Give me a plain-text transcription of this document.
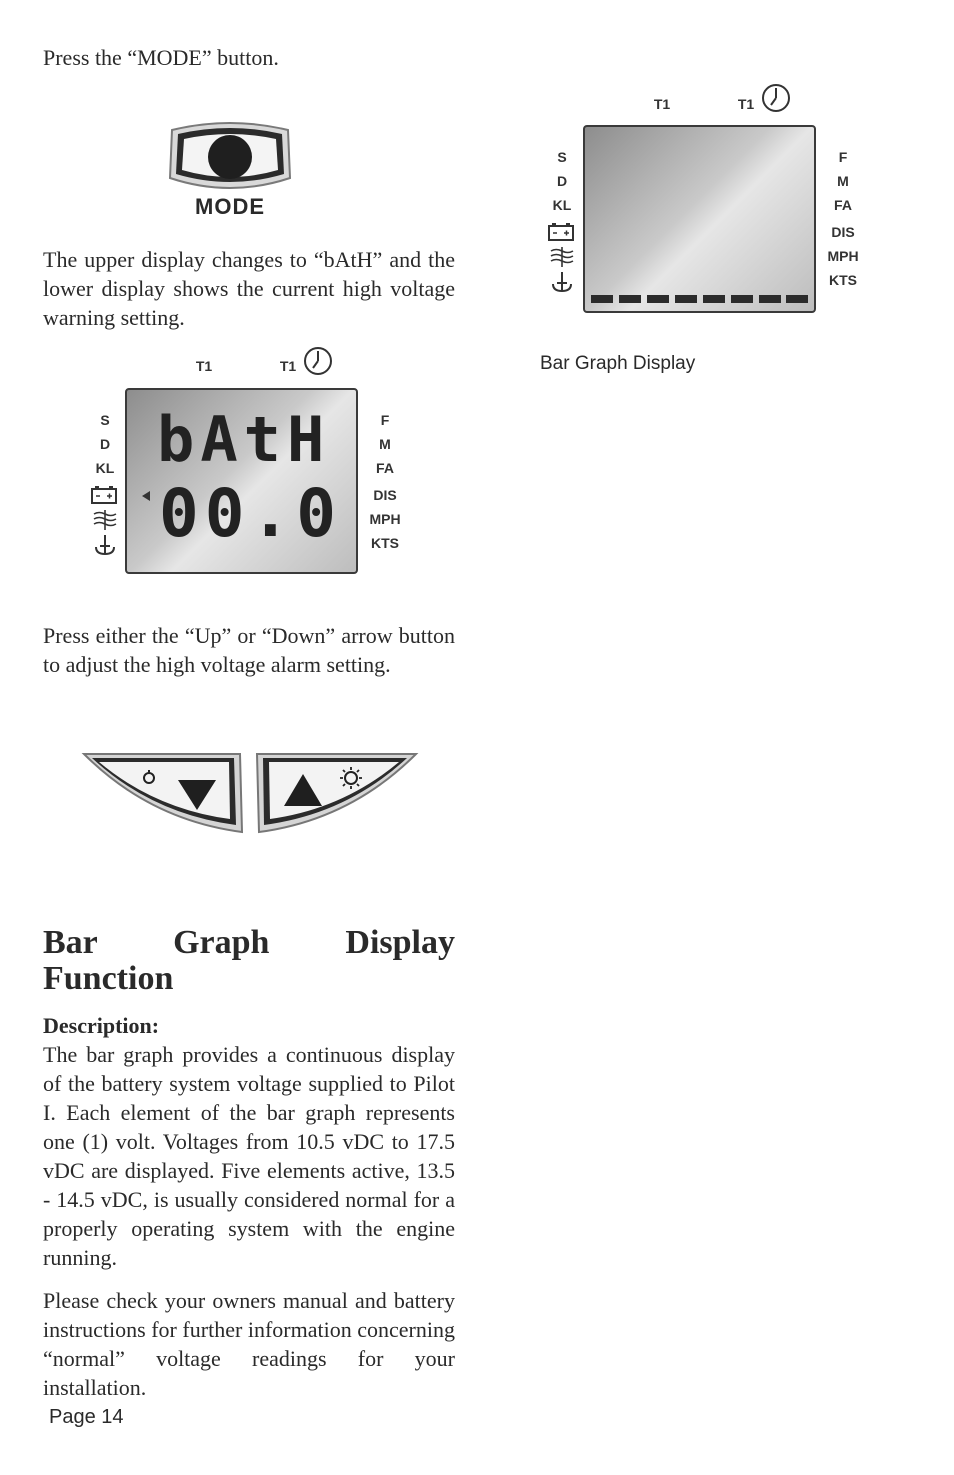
Press the “MODE” button.

MODE

The upper display changes to “bAtH” and the lower display shows the current high voltage warning setting.

T1	T1
bAtH
00.0
S
D
KL
F
M
FA
DIS
MPH
KTS

Press either the “Up” or “Down” arrow button to adjust the high voltage alarm setting.

Bar Graph Display
Function
Description:

The bar graph provides a continuous display of the battery system voltage supplied to Pilot I. Each element of the bar graph represents one (1) volt. Voltages from 10.5 vDC to 17.5 vDC are displayed. Five elements active, 13.5 - 14.5 vDC, is usually considered normal for a properly operating system with the engine running.

Please check your owners manual and battery instructions for further information concerning “normal” voltage readings for your installation.

Page 14
T1	T1
S
D
KL
F
M
FA
DIS
MPH
KTS
Bar Graph Display
